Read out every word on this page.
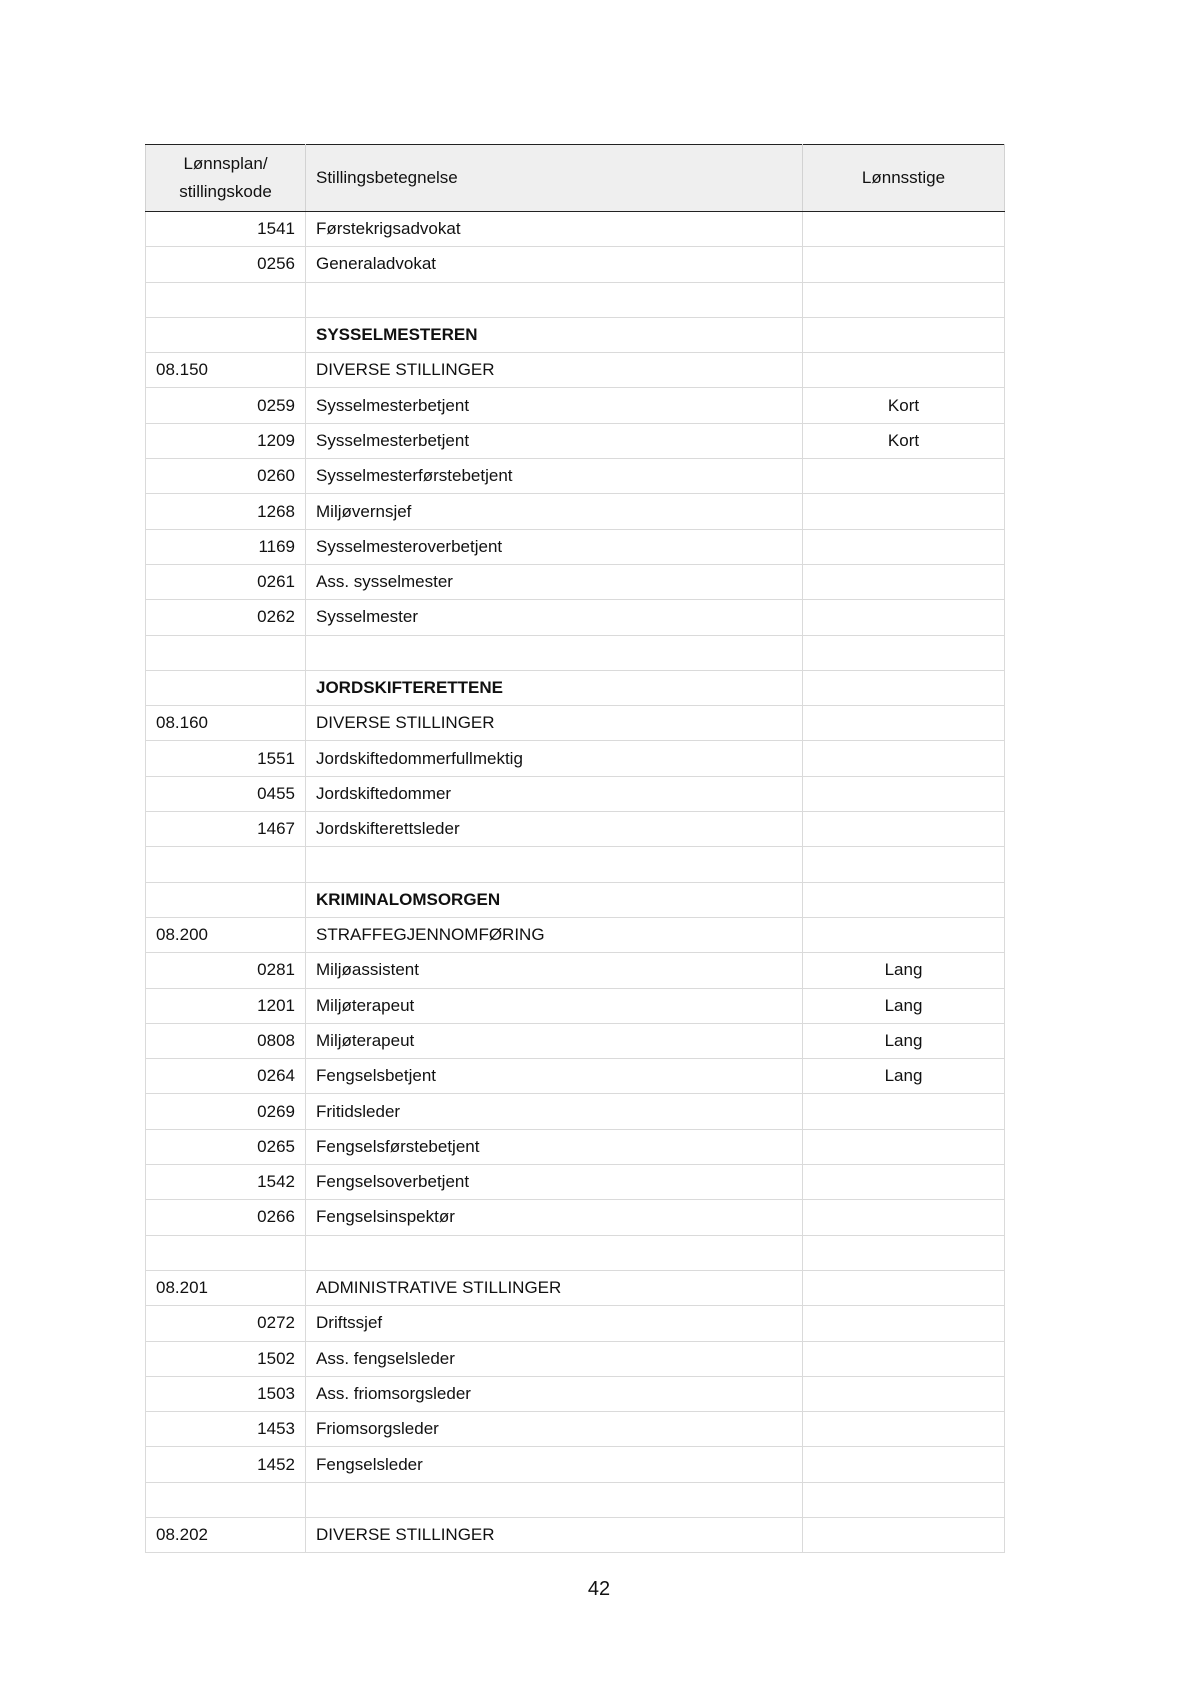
Lønnsplan/
stillingskode	Stillingsbetegnelse	Lønnsstige
1541	Førstekrigsadvokat	
0256	Generaladvokat	

	SYSSELMESTEREN	
08.150	DIVERSE STILLINGER	
0259	Sysselmesterbetjent	Kort
1209	Sysselmesterbetjent	Kort
0260	Sysselmesterførstebetjent	
1268	Miljøvernsjef	
1169	Sysselmesteroverbetjent	
0261	Ass. sysselmester	
0262	Sysselmester	

	JORDSKIFTERETTENE	
08.160	DIVERSE STILLINGER	
1551	Jordskiftedommerfullmektig	
0455	Jordskiftedommer	
1467	Jordskifterettsleder	

	KRIMINALOMSORGEN	
08.200	STRAFFEGJENNOMFØRING	
0281	Miljøassistent	Lang
1201	Miljøterapeut	Lang
0808	Miljøterapeut	Lang
0264	Fengselsbetjent	Lang
0269	Fritidsleder	
0265	Fengselsførstebetjent	
1542	Fengselsoverbetjent	
0266	Fengselsinspektør	

08.201	ADMINISTRATIVE STILLINGER	
0272	Driftssjef	
1502	Ass. fengselsleder	
1503	Ass. friomsorgsleder	
1453	Friomsorgsleder	
1452	Fengselsleder	

08.202	DIVERSE STILLINGER	
42
